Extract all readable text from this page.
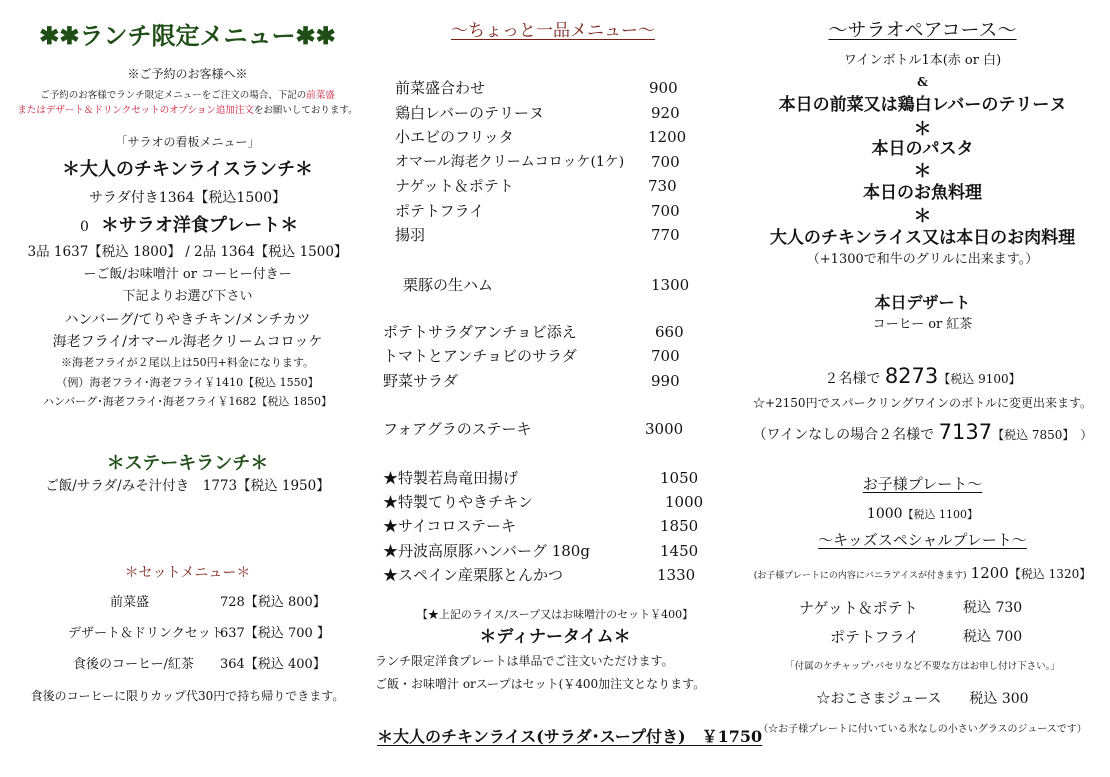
✱✱ランチ限定メニュー✱✱
※ご予約のお客様へ※
ご予約のお客様でランチ限定メニューをご注文の場合、下記の前菜盛
またはデザート＆ドリンクセットのオプション追加注文をお願いしております。
「サラオの看板メニュー」
＊大人のチキンライスランチ＊
サラダ付き1364【税込1500】
0 ＊サラオ洋食プレート＊
3品 1637【税込 1800】 / 2品 1364【税込 1500】
ーご飯/お味噌汁 or コーヒー付きー
下記よりお選び下さい
ハンバーグ/てりやきチキン/メンチカツ
海老フライ/オマール海老クリームコロッケ
※海老フライが２尾以上は50円+料金になります。
（例）海老フライ･海老フライ￥1410【税込 1550】
ハンバーグ･海老フライ･海老フライ￥1682【税込 1850】
＊ステーキランチ＊
ご飯/サラダ/みそ汁付き　1773【税込 1950】
＊セットメニュー＊
前菜盛	728【税込 800】
デザート＆ドリンクセット
637【税込 700 】
食後のコーヒー/紅茶 364【税込 400】
食後のコーヒーに限りカップ代30円で持ち帰りできます。
～ちょっと一品メニュー～
前菜盛合わせ	900
鶏白レバーのテリーヌ	920
小エビのフリッタ	1200
オマール海老クリームコロッケ(1ケ) 700
ナゲット＆ポテト	730
ポテトフライ	700
揚羽	770
栗豚の生ハム	1300
ポテトサラダアンチョビ添え	660
トマトとアンチョビのサラダ	700
野菜サラダ	990
フォアグラのステーキ	3000
★特製若鳥竜田揚げ	1050
★特製てりやきチキン	1000
★サイコロステーキ	1850
★丹波高原豚ハンバーグ 180g	1450
★スペイン産栗豚とんかつ	1330
【★上記のライス/スープ又はお味噌汁のセット￥400】
＊ディナータイム＊
ランチ限定洋食プレートは単品でご注文いただけます。
ご飯・お味噌汁 orスープはセット(￥400加注文となります。
＊大人のチキンライス(サラダ･スープ付き)　￥1750
～サラオペアコース～
ワインボトル1本(赤 or 白)
&
本日の前菜又は鶏白レバーのテリーヌ
＊
本日のパスタ
＊
本日のお魚料理
＊
大人のチキンライス又は本日のお肉料理
（+1300で和牛のグリルに出来ます。）
本日デザート
コーヒー or 紅茶
２名様で 8273【税込 9100】
☆+2150円でスパークリングワインのボトルに変更出来ます。
（ワインなしの場合２名様で 7137【税込 7850】　）
お子様プレート～
1000【税込 1100】
～キッズスペシャルプレート～
(お子様プレートにの内容にバニラアイスが付きます) 1200【税込 1320】
ナゲット＆ポテト	税込 730
ポテトフライ	税込 700
「付属のケチャップ･パセリなど不要な方はお申し付け下さい。」
☆おこさまジュース　　税込 300
（☆お子様プレートに付いている氷なしの小さいグラスのジュースです）
